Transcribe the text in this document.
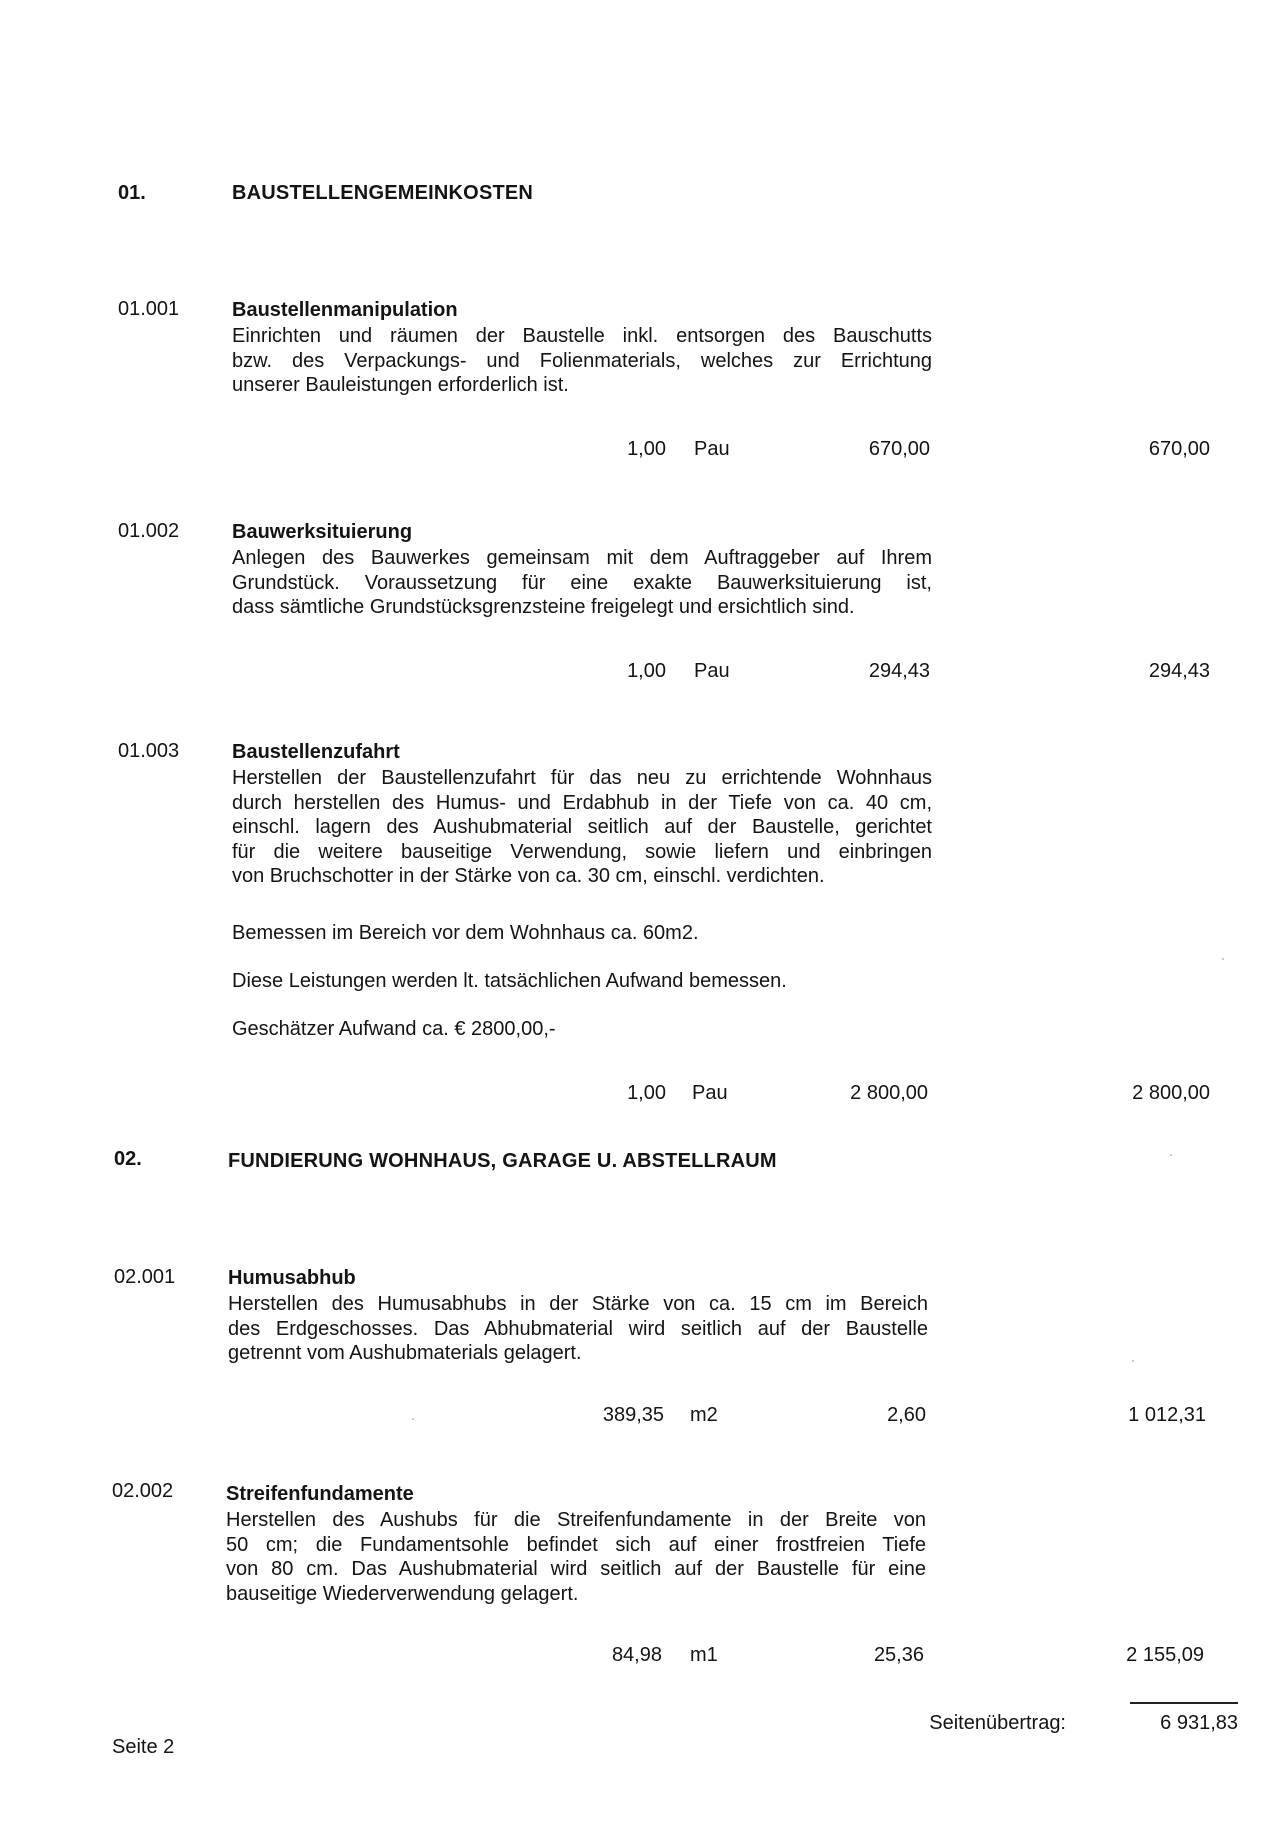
01.	BAUSTELLENGEMEINKOSTEN
01.001	Baustellenmanipulation
Einrichten und räumen der Baustelle inkl. entsorgen des Bauschutts
bzw. des Verpackungs- und Folienmaterials, welches zur Errichtung
unserer Bauleistungen erforderlich ist.
1,00 Pau	670,00	670,00
01.002	Bauwerksituierung
Anlegen des Bauwerkes gemeinsam mit dem Auftraggeber auf Ihrem
Grundstück. Voraussetzung für eine exakte Bauwerksituierung ist,
dass sämtliche Grundstücksgrenzsteine freigelegt und ersichtlich sind.
1,00 Pau	294,43	294,43
01.003	Baustellenzufahrt
Herstellen der Baustellenzufahrt für das neu zu errichtende Wohnhaus
durch herstellen des Humus- und Erdabhub in der Tiefe von ca. 40 cm,
einschl. lagern des Aushubmaterial seitlich auf der Baustelle, gerichtet
für die weitere bauseitige Verwendung, sowie liefern und einbringen
von Bruchschotter in der Stärke von ca. 30 cm, einschl. verdichten.
Bemessen im Bereich vor dem Wohnhaus ca. 60m2.
Diese Leistungen werden lt. tatsächlichen Aufwand bemessen.
Geschätzer Aufwand ca. € 2800,00,-
1,00 Pau	2 800,00	2 800,00
02.	FUNDIERUNG WOHNHAUS, GARAGE U. ABSTELLRAUM
02.001	Humusabhub
Herstellen des Humusabhubs in der Stärke von ca. 15 cm im Bereich
des Erdgeschosses. Das Abhubmaterial wird seitlich auf der Baustelle
getrennt vom Aushubmaterials gelagert.
389,35 m2	2,60	1 012,31
02.002	Streifenfundamente
Herstellen des Aushubs für die Streifenfundamente in der Breite von
50 cm; die Fundamentsohle befindet sich auf einer frostfreien Tiefe
von 80 cm. Das Aushubmaterial wird seitlich auf der Baustelle für eine
bauseitige Wiederverwendung gelagert.
84,98 m1	25,36	2 155,09
Seitenübertrag:	6 931,83
Seite 2
